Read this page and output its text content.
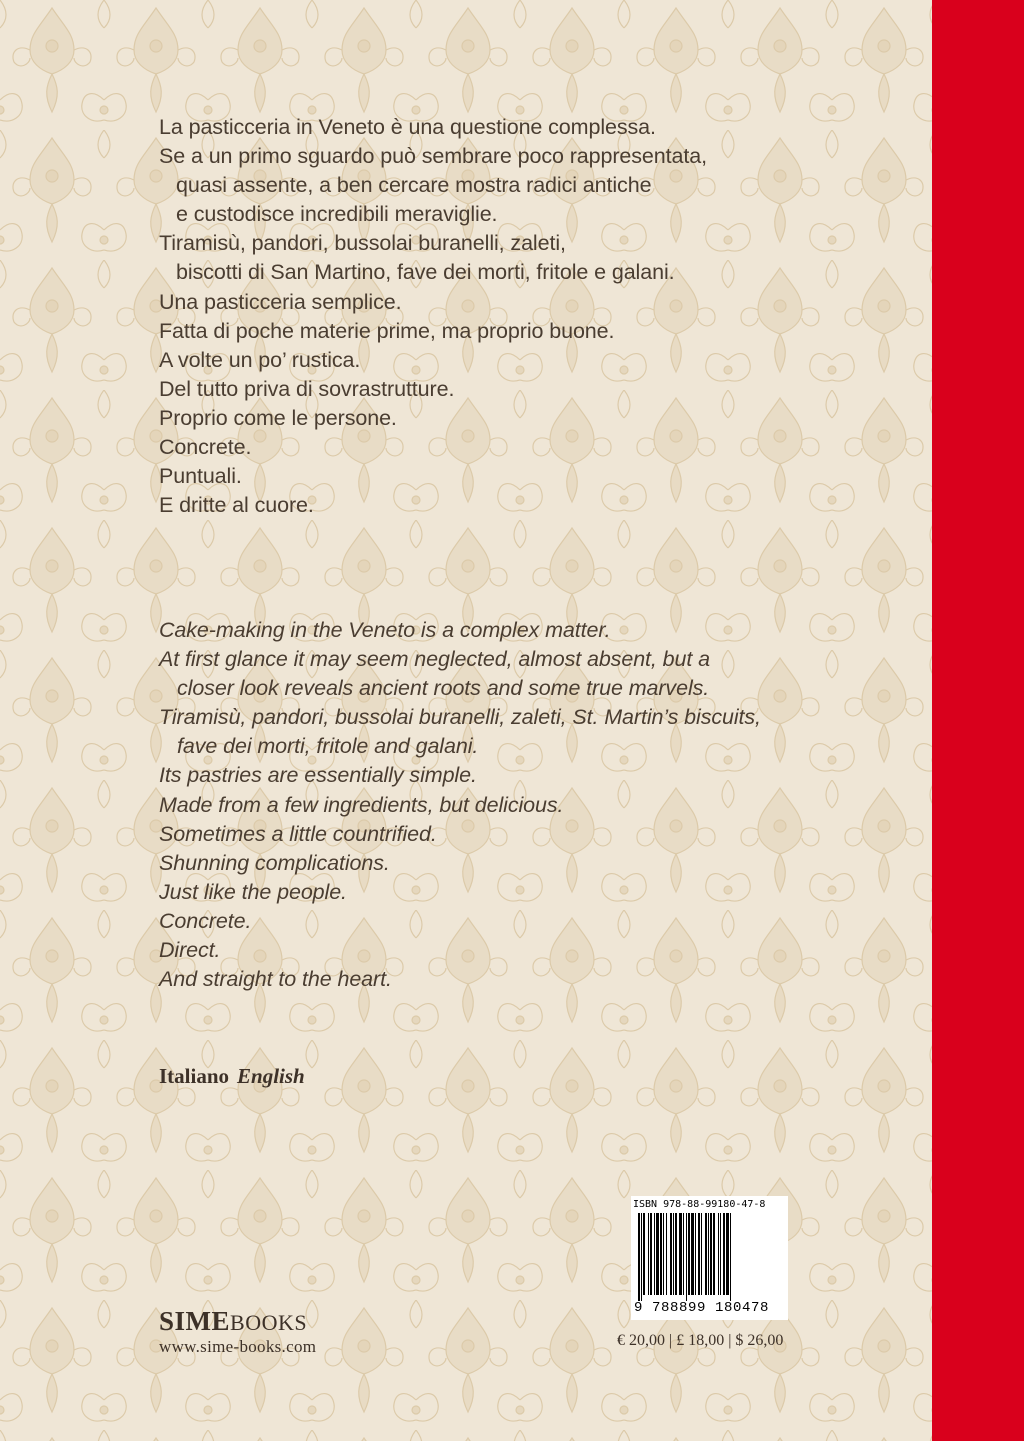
La pasticceria in Veneto è una questione complessa.
Se a un primo sguardo può sembrare poco rappresentata,
quasi assente, a ben cercare mostra radici antiche
e custodisce incredibili meraviglie.
Tiramisù, pandori, bussolai buranelli, zaleti,
biscotti di San Martino, fave dei morti, fritole e galani.
Una pasticceria semplice.
Fatta di poche materie prime, ma proprio buone.
A volte un po’ rustica.
Del tutto priva di sovrastrutture.
Proprio come le persone.
Concrete.
Puntuali.
E dritte al cuore.
Cake-making in the Veneto is a complex matter.
At first glance it may seem neglected, almost absent, but a
closer look reveals ancient roots and some true marvels.
Tiramisù, pandori, bussolai buranelli, zaleti, St. Martin’s biscuits,
fave dei morti, fritole and galani.
Its pastries are essentially simple.
Made from a few ingredients, but delicious.
Sometimes a little countrified.
Shunning complications.
Just like the people.
Concrete.
Direct.
And straight to the heart.
Italiano English
SIMEBOOKS
www.sime-books.com
ISBN 978-88-99180-47-8
9 788899 180478
€ 20,00 | £ 18,00 | $ 26,00
